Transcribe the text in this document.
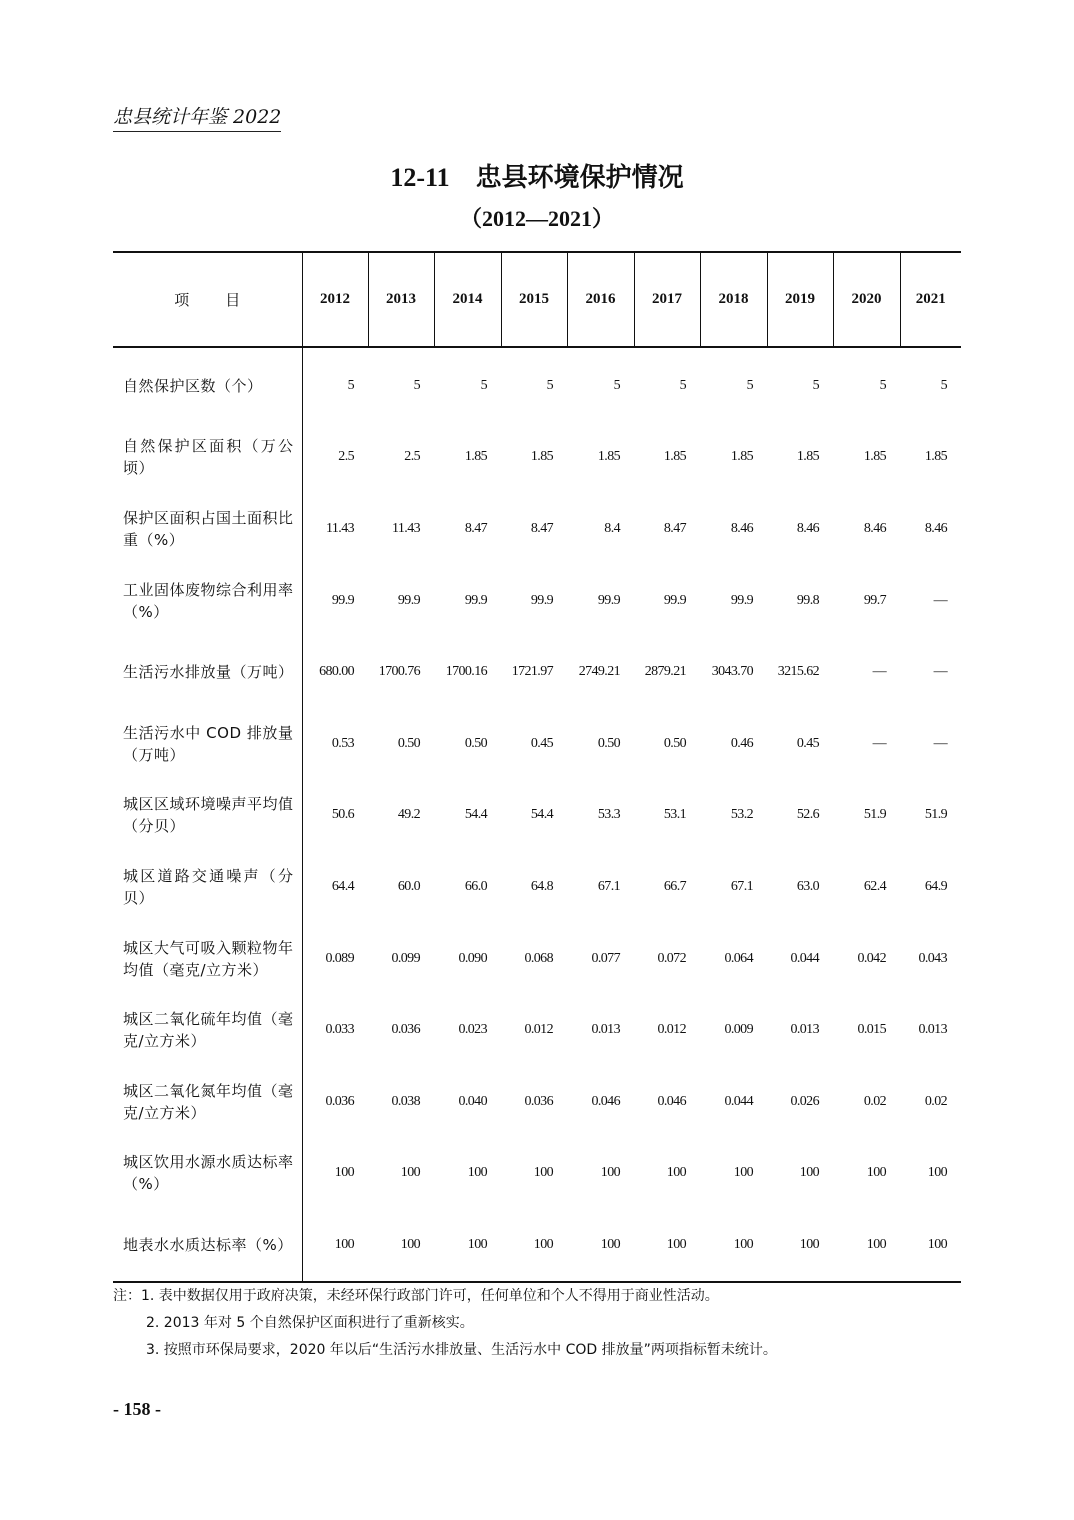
忠县统计年鉴 2022
12-11 忠县环境保护情况
（2012—2021）
项目	2012	2013	2014	2015	2016	2017	2018	2019	2020	2021
自然保护区数（个）	5	5	5	5	5	5	5	5	5	5
自然保护区面积（万公顷）	2.5	2.5	1.85	1.85	1.85	1.85	1.85	1.85	1.85	1.85
保护区面积占国土面积比重（%）	11.43	11.43	8.47	8.47	8.4	8.47	8.46	8.46	8.46	8.46
工业固体废物综合利用率（%）	99.9	99.9	99.9	99.9	99.9	99.9	99.9	99.8	99.7	—
生活污水排放量（万吨）	680.00	1700.76	1700.16	1721.97	2749.21	2879.21	3043.70	3215.62	—	—
生活污水中 COD 排放量（万吨）	0.53	0.50	0.50	0.45	0.50	0.50	0.46	0.45	—	—
城区区域环境噪声平均值（分贝）	50.6	49.2	54.4	54.4	53.3	53.1	53.2	52.6	51.9	51.9
城区道路交通噪声（分贝）	64.4	60.0	66.0	64.8	67.1	66.7	67.1	63.0	62.4	64.9
城区大气可吸入颗粒物年均值（毫克/立方米）	0.089	0.099	0.090	0.068	0.077	0.072	0.064	0.044	0.042	0.043
城区二氧化硫年均值（毫克/立方米）	0.033	0.036	0.023	0.012	0.013	0.012	0.009	0.013	0.015	0.013
城区二氧化氮年均值（毫克/立方米）	0.036	0.038	0.040	0.036	0.046	0.046	0.044	0.026	0.02	0.02
城区饮用水源水质达标率（%）	100	100	100	100	100	100	100	100	100	100
地表水水质达标率（%）	100	100	100	100	100	100	100	100	100	100
注：1. 表中数据仅用于政府决策，未经环保行政部门许可，任何单位和个人不得用于商业性活动。
2. 2013 年对 5 个自然保护区面积进行了重新核实。
3. 按照市环保局要求，2020 年以后“生活污水排放量、生活污水中 COD 排放量”两项指标暂未统计。
- 158 -
